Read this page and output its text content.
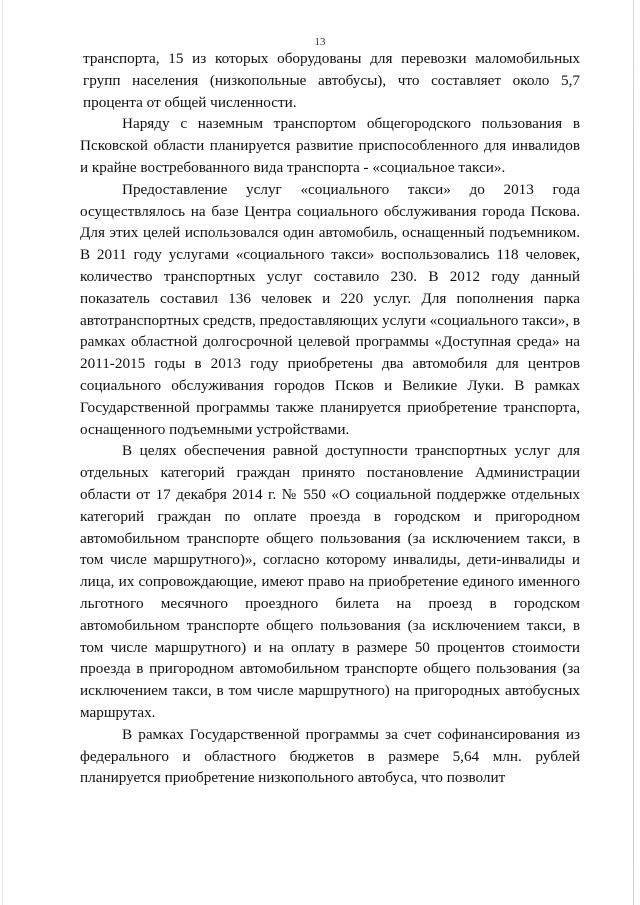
13

транспорта, 15 из которых оборудованы для перевозки маломобильных групп населения (низкопольные автобусы), что составляет около 5,7 процента от общей численности.

Наряду с наземным транспортом общегородского пользования в Псковской области планируется развитие приспособленного для инвалидов и крайне востребованного вида транспорта - «социальное такси».

Предоставление услуг «социального такси» до 2013 года осуществлялось на базе Центра социального обслуживания города Пскова. Для этих целей использовался один автомобиль, оснащенный подъемником. В 2011 году услугами «социального такси» воспользовались 118 человек, количество транспортных услуг составило 230. В 2012 году данный показатель составил 136 человек и 220 услуг. Для пополнения парка автотранспортных средств, предоставляющих услуги «социального такси», в рамках областной долгосрочной целевой программы «Доступная среда» на 2011-2015 годы в 2013 году приобретены два автомобиля для центров социального обслуживания городов Псков и Великие Луки. В рамках Государственной программы также планируется приобретение транспорта, оснащенного подъемными устройствами.

В целях обеспечения равной доступности транспортных услуг для отдельных категорий граждан принято постановление Администрации области от 17 декабря 2014 г. № 550 «О социальной поддержке отдельных категорий граждан по оплате проезда в городском и пригородном автомобильном транспорте общего пользования (за исключением такси, в том числе маршрутного)», согласно которому инвалиды, дети-инвалиды и лица, их сопровождающие, имеют право на приобретение единого именного льготного месячного проездного билета на проезд в городском автомобильном транспорте общего пользования (за исключением такси, в том числе маршрутного) и на оплату в размере 50 процентов стоимости проезда в пригородном автомобильном транспорте общего пользования (за исключением такси, в том числе маршрутного) на пригородных автобусных маршрутах.

В рамках Государственной программы за счет софинансирования из федерального и областного бюджетов в размере 5,64 млн. рублей планируется приобретение низкопольного автобуса, что позволит
